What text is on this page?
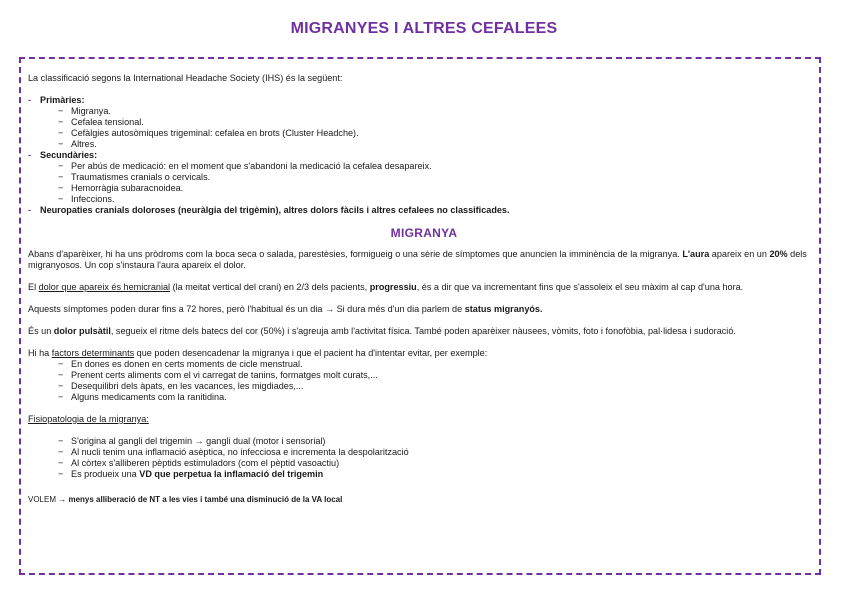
MIGRANYES I ALTRES CEFALEES

La classificació segons la International Headache Society (IHS) és la següent:

- Primàries:
− Migranya.
− Cefalea tensional.
− Cefàlgies autosòmiques trigeminal: cefalea en brots (Cluster Headche).
− Altres.
- Secundàries:
− Per abús de medicació: en el moment que s'abandoni la medicació la cefalea desapareix.
− Traumatismes cranials o cervicals.
− Hemorràgia subaracnoidea.
− Infeccions.
- Neuropaties cranials doloroses (neuràlgia del trigèmin), altres dolors fàcils i altres cefalees no classificades.
MIGRANYA

Abans d'aparèixer, hi ha uns pròdroms com la boca seca o salada, parestèsies, formigueig o una sèrie de símptomes que anuncien la imminència de la migranya. L'aura apareix en un 20% dels migranyosos. Un cop s'instaura l'aura apareix el dolor.

El dolor que apareix és hemicranial (la meitat vertical del crani) en 2/3 dels pacients, progressiu, és a dir que va incrementant fins que s'assoleix el seu màxim al cap d'una hora.

Aquests símptomes poden durar fins a 72 hores, però l'habitual és un dia → Si dura més d'un dia parlem de status migranyós.

És un dolor pulsàtil, segueix el ritme dels batecs del cor (50%) i s'agreuja amb l'activitat física. També poden aparèixer nàusees, vòmits, foto i fonofòbia, pal·lidesa i sudoració.

Hi ha factors determinants que poden desencadenar la migranya i que el pacient ha d'intentar evitar, per exemple:

− En dones es donen en certs moments de cicle menstrual.
− Prenent certs aliments com el vi carregat de tanins, formatges molt curats,...
− Desequilibri dels àpats, en les vacances, les migdiades,...
− Alguns medicaments com la ranitidina.

Fisiopatologia de la migranya:

− S'origina al gangli del trigemin → gangli dual (motor i sensorial)
− Al nucli tenim una inflamació asèptica, no infecciosa e incrementa la despolarització
− Al còrtex s'alliberen pèptids estimuladors (com el pèptid vasoactiu)
− Es produeix una VD que perpetua la inflamació del trigemin

VOLEM → menys alliberació de NT a les vies i també una disminució de la VA local
